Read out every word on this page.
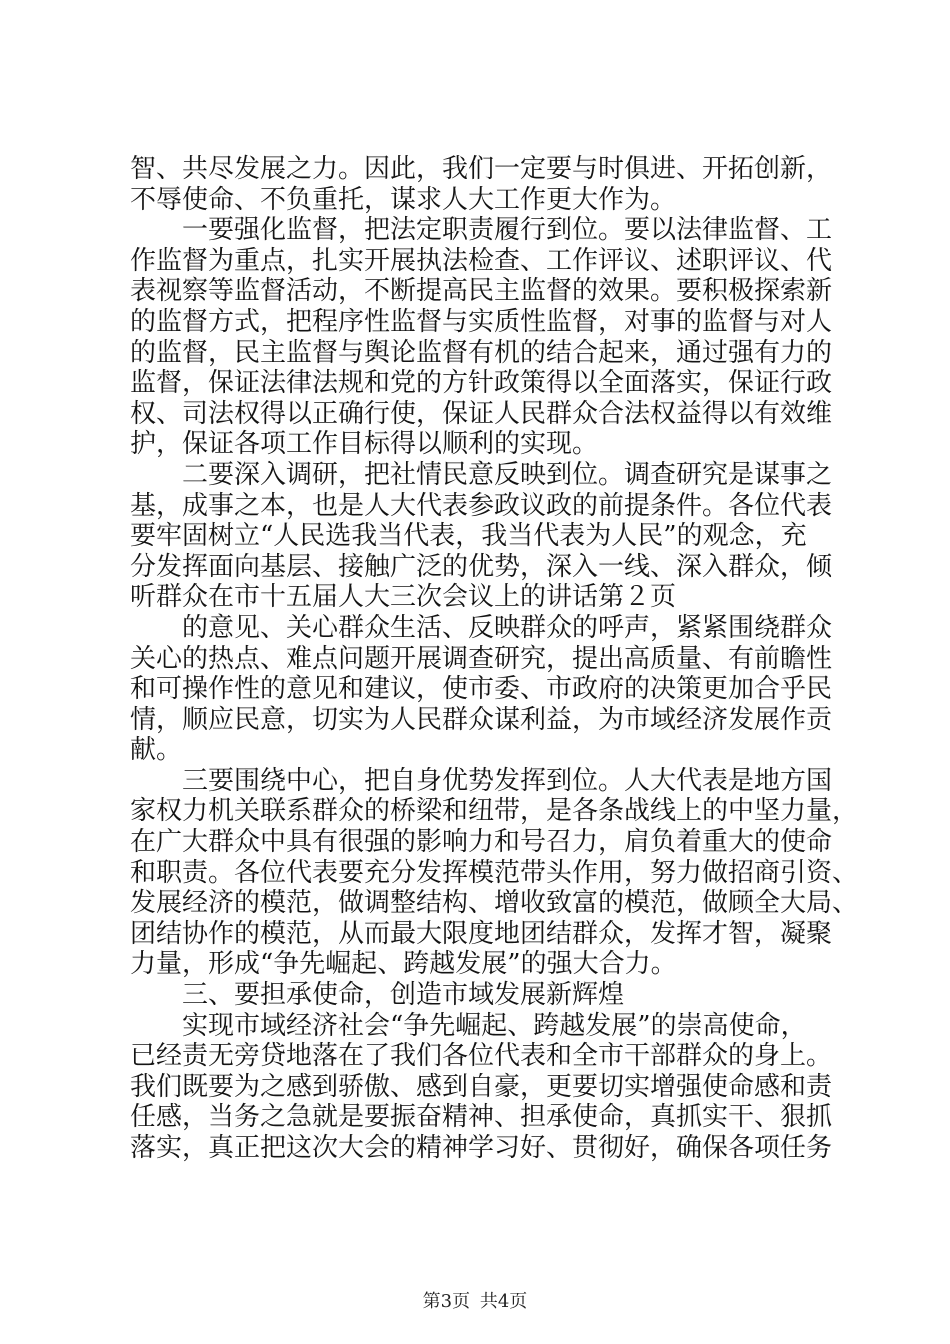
智、共尽发展之力。因此，我们一定要与时俱进、开拓创新，
不辱使命、不负重托，谋求人大工作更大作为。
　　一要强化监督，把法定职责履行到位。要以法律监督、工
作监督为重点，扎实开展执法检查、工作评议、述职评议、代
表视察等监督活动，不断提高民主监督的效果。要积极探索新
的监督方式，把程序性监督与实质性监督，对事的监督与对人
的监督，民主监督与舆论监督有机的结合起来，通过强有力的
监督，保证法律法规和党的方针政策得以全面落实，保证行政
权、司法权得以正确行使，保证人民群众合法权益得以有效维
护，保证各项工作目标得以顺利的实现。
　　二要深入调研，把社情民意反映到位。调查研究是谋事之
基，成事之本，也是人大代表参政议政的前提条件。各位代表
要牢固树立“人民选我当代表，我当代表为人民”的观念，充
分发挥面向基层、接触广泛的优势，深入一线、深入群众，倾
听群众在市十五届人大三次会议上的讲话第２页
　　的意见、关心群众生活、反映群众的呼声，紧紧围绕群众
关心的热点、难点问题开展调查研究，提出高质量、有前瞻性
和可操作性的意见和建议，使市委、市政府的决策更加合乎民
情，顺应民意，切实为人民群众谋利益，为市域经济发展作贡
献。
　　三要围绕中心，把自身优势发挥到位。人大代表是地方国
家权力机关联系群众的桥梁和纽带，是各条战线上的中坚力量，
在广大群众中具有很强的影响力和号召力，肩负着重大的使命
和职责。各位代表要充分发挥模范带头作用，努力做招商引资、
发展经济的模范，做调整结构、增收致富的模范，做顾全大局、
团结协作的模范，从而最大限度地团结群众，发挥才智，凝聚
力量，形成“争先崛起、跨越发展”的强大合力。
　　三、要担承使命，创造市域发展新辉煌
　　实现市域经济社会“争先崛起、跨越发展”的崇高使命，
已经责无旁贷地落在了我们各位代表和全市干部群众的身上。
我们既要为之感到骄傲、感到自豪，更要切实增强使命感和责
任感，当务之急就是要振奋精神、担承使命，真抓实干、狠抓
落实，真正把这次大会的精神学习好、贯彻好，确保各项任务
第3页 共4页
